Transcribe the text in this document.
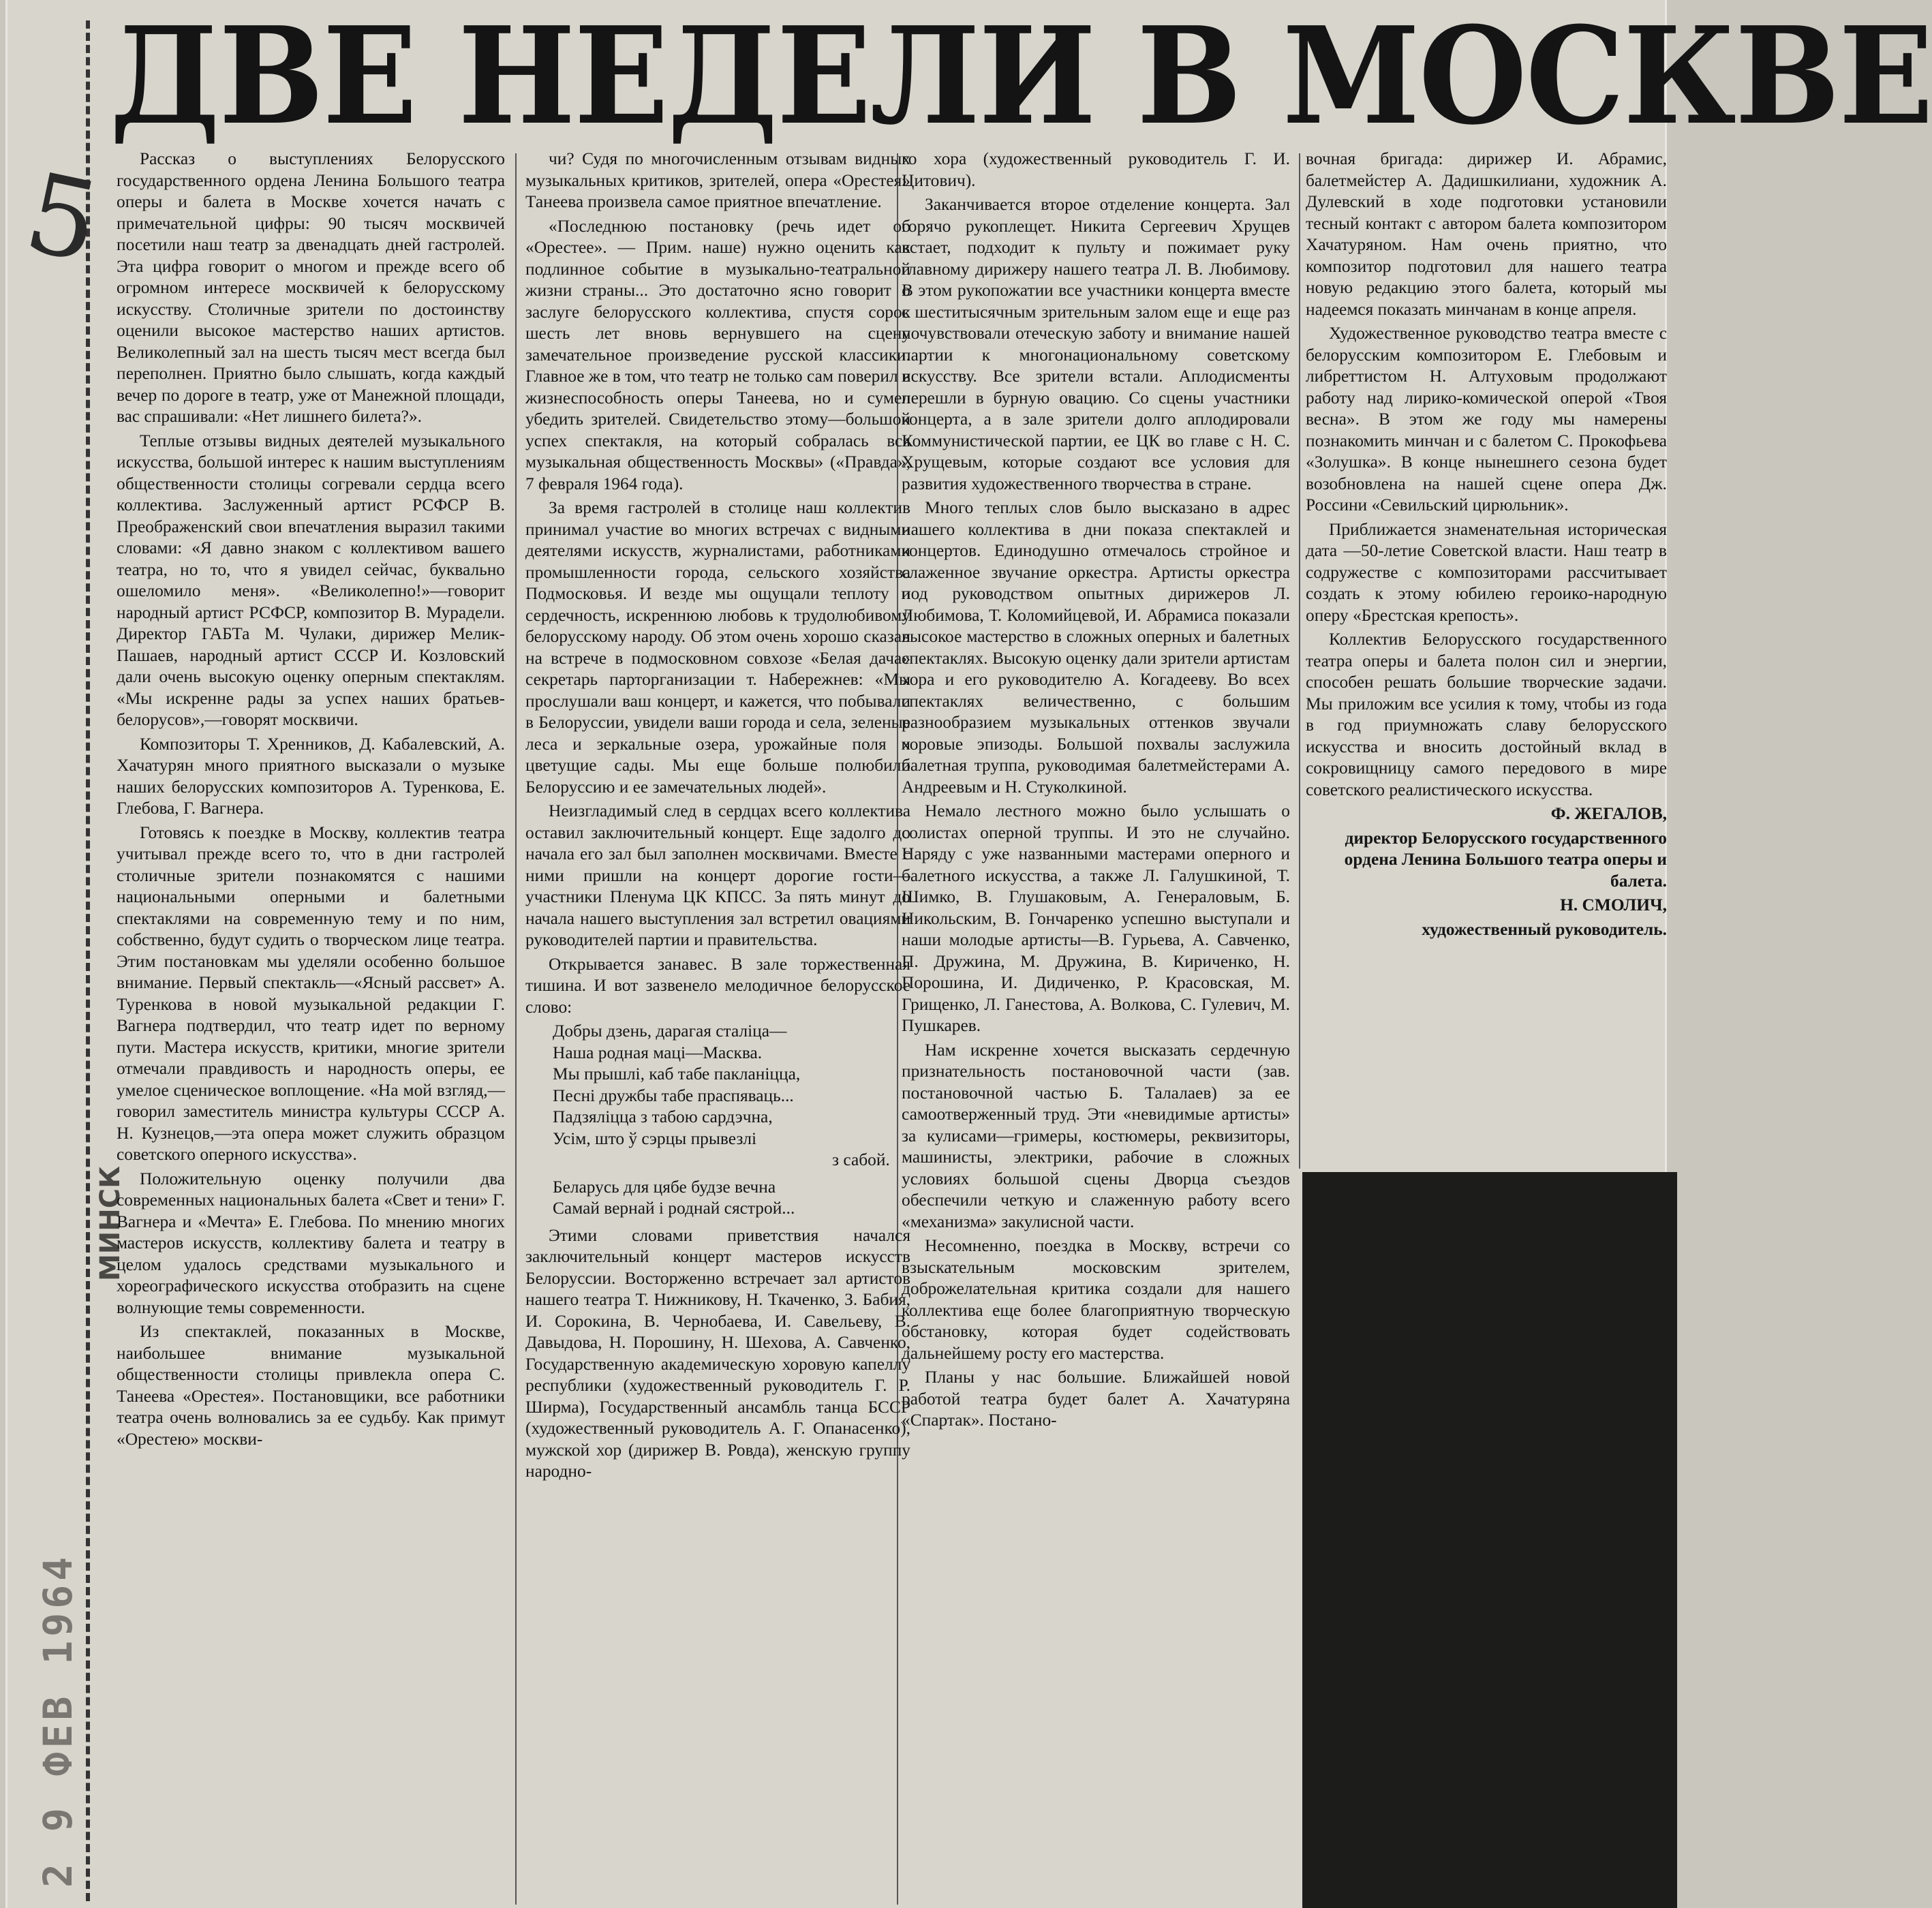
5
МИНСК
2 9 ФЕВ 1964
ДВЕ НЕДЕЛИ В МОСКВЕ

Рассказ о выступлениях Белорусского государственного ордена Ленина Большого театра оперы и балета в Москве хочется начать с примечательной цифры: 90 тысяч москвичей посетили наш театр за двенадцать дней гастролей. Эта цифра говорит о многом и прежде всего об огромном интересе москвичей к белорусскому искусству. Столичные зрители по достоинству оценили высокое мастерство наших артистов. Великолепный зал на шесть тысяч мест всегда был переполнен. Приятно было слышать, когда каждый вечер по дороге в театр, уже от Манежной площади, вас спрашивали: «Нет лишнего билета?».

Теплые отзывы видных деятелей музыкального искусства, большой интерес к нашим выступлениям общественности столицы согревали сердца всего коллектива. Заслуженный артист РСФСР В. Преображенский свои впечатления выразил такими словами: «Я давно знаком с коллективом вашего театра, но то, что я увидел сейчас, буквально ошеломило меня». «Великолепно!»—говорит народный артист РСФСР, композитор В. Мурадели. Директор ГАБТа М. Чулаки, дирижер Мелик-Пашаев, народный артист СССР И. Козловский дали очень высокую оценку оперным спектаклям. «Мы искренне рады за успех наших братьев-белорусов»,—говорят москвичи.

Композиторы Т. Хренников, Д. Кабалевский, А. Хачатурян много приятного высказали о музыке наших белорусских композиторов А. Туренкова, Е. Глебова, Г. Вагнера.

Готовясь к поездке в Москву, коллектив театра учитывал прежде всего то, что в дни гастролей столичные зрители познакомятся с нашими национальными оперными и балетными спектаклями на современную тему и по ним, собственно, будут судить о творческом лице театра. Этим постановкам мы уделяли особенно большое внимание. Первый спектакль—«Ясный рассвет» А. Туренкова в новой музыкальной редакции Г. Вагнера подтвердил, что театр идет по верному пути. Мастера искусств, критики, многие зрители отмечали правдивость и народность оперы, ее умелое сценическое воплощение. «На мой взгляд,—говорил заместитель министра культуры СССР А. Н. Кузнецов,—эта опера может служить образцом советского оперного искусства».

Положительную оценку получили два современных национальных балета «Свет и тени» Г. Вагнера и «Мечта» Е. Глебова. По мнению многих мастеров искусств, коллективу балета и театру в целом удалось средствами музыкального и хореографического искусства отобразить на сцене волнующие темы современности.

Из спектаклей, показанных в Москве, наибольшее внимание музыкальной общественности столицы привлекла опера С. Танеева «Орестея». Постановщики, все работники театра очень волновались за ее судьбу. Как примут «Орестею» москви-

чи? Судя по многочисленным отзывам видных музыкальных критиков, зрителей, опера «Орестея» Танеева произвела самое приятное впечатление.

«Последнюю постановку (речь идет об «Орестее». — Прим. наше) нужно оценить как подлинное событие в музыкально-театральной жизни страны... Это достаточно ясно говорит о заслуге белорусского коллектива, спустя сорок шесть лет вновь вернувшего на сцену замечательное произведение русской классики. Главное же в том, что театр не только сам поверил в жизнеспособность оперы Танеева, но и сумел убедить зрителей. Свидетельство этому—большой успех спектакля, на который собралась вся музыкальная общественность Москвы» («Правда», 7 февраля 1964 года).

За время гастролей в столице наш коллектив принимал участие во многих встречах с видными деятелями искусств, журналистами, работниками промышленности города, сельского хозяйства Подмосковья. И везде мы ощущали теплоту и сердечность, искреннюю любовь к трудолюбивому белорусскому народу. Об этом очень хорошо сказал на встрече в подмосковном совхозе «Белая дача» секретарь парторганизации т. Набережнев: «Мы прослушали ваш концерт, и кажется, что побывали в Белоруссии, увидели ваши города и села, зеленые леса и зеркальные озера, урожайные поля и цветущие сады. Мы еще больше полюбили Белоруссию и ее замечательных людей».

Неизгладимый след в сердцах всего коллектива оставил заключительный концерт. Еще задолго до начала его зал был заполнен москвичами. Вместе с ними пришли на концерт дорогие гости—участники Пленума ЦК КПСС. За пять минут до начала нашего выступления зал встретил овациями руководителей партии и правительства.

Открывается занавес. В зале торжественная тишина. И вот зазвенело мелодичное белорусское слово:

Добры дзень, дарагая сталіца—
Наша родная маці—Масква.
Мы прышлі, каб табе пакланіцца,
Песні дружбы табе праспяваць...
Падзяліцца з табою сардэчна,
Усім, што ў сэрцы прывезлі
з сабой.
Беларусь для цябе будзе вечна
Самай вернай і роднай сястрой...

Этими словами приветствия начался заключительный концерт мастеров искусств Белоруссии. Восторженно встречает зал артистов нашего театра Т. Нижникову, Н. Ткаченко, З. Бабия, И. Сорокина, В. Чернобаева, И. Савельеву, В. Давыдова, Н. Порошину, Н. Шехова, А. Савченко, Государственную академическую хоровую капеллу республики (художественный руководитель Г. Р. Ширма), Государственный ансамбль танца БССР (художественный руководитель А. Г. Опанасенко), мужской хор (дирижер В. Ровда), женскую группу народно-

го хора (художественный руководитель Г. И. Цитович).

Заканчивается второе отделение концерта. Зал горячо рукоплещет. Никита Сергеевич Хрущев встает, подходит к пульту и пожимает руку главному дирижеру нашего театра Л. В. Любимову. В этом рукопожатии все участники концерта вместе с шеститысячным зрительным залом еще и еще раз почувствовали отеческую заботу и внимание нашей партии к многонациональному советскому искусству. Все зрители встали. Аплодисменты перешли в бурную овацию. Со сцены участники концерта, а в зале зрители долго аплодировали Коммунистической партии, ее ЦК во главе с Н. С. Хрущевым, которые создают все условия для развития художественного творчества в стране.

Много теплых слов было высказано в адрес нашего коллектива в дни показа спектаклей и концертов. Единодушно отмечалось стройное и слаженное звучание оркестра. Артисты оркестра под руководством опытных дирижеров Л. Любимова, Т. Коломийцевой, И. Абрамиса показали высокое мастерство в сложных оперных и балетных спектаклях. Высокую оценку дали зрители артистам хора и его руководителю А. Когадееву. Во всех спектаклях величественно, с большим разнообразием музыкальных оттенков звучали хоровые эпизоды. Большой похвалы заслужила балетная труппа, руководимая балетмейстерами А. Андреевым и Н. Стуколкиной.

Немало лестного можно было услышать о солистах оперной труппы. И это не случайно. Наряду с уже названными мастерами оперного и балетного искусства, а также Л. Галушкиной, Т. Шимко, В. Глушаковым, А. Генераловым, Б. Никольским, В. Гончаренко успешно выступали и наши молодые артисты—В. Гурьева, А. Савченко, П. Дружина, М. Дружина, В. Кириченко, Н. Порошина, И. Дидиченко, Р. Красовская, М. Грищенко, Л. Ганестова, А. Волкова, С. Гулевич, М. Пушкарев.

Нам искренне хочется высказать сердечную признательность постановочной части (зав. постановочной частью Б. Талалаев) за ее самоотверженный труд. Эти «невидимые артисты» за кулисами—гримеры, костюмеры, реквизиторы, машинисты, электрики, рабочие в сложных условиях большой сцены Дворца съездов обеспечили четкую и слаженную работу всего «механизма» закулисной части.

Несомненно, поездка в Москву, встречи со взыскательным московским зрителем, доброжелательная критика создали для нашего коллектива еще более благоприятную творческую обстановку, которая будет содействовать дальнейшему росту его мастерства.

Планы у нас большие. Ближайшей новой работой театра будет балет А. Хачатуряна «Спартак». Постано-

вочная бригада: дирижер И. Абрамис, балетмейстер А. Дадишкилиани, художник А. Дулевский в ходе подготовки установили тесный контакт с автором балета композитором Хачатуряном. Нам очень приятно, что композитор подготовил для нашего театра новую редакцию этого балета, который мы надеемся показать минчанам в конце апреля.

Художественное руководство театра вместе с белорусским композитором Е. Глебовым и либреттистом Н. Алтуховым продолжают работу над лирико-комической оперой «Твоя весна». В этом же году мы намерены познакомить минчан и с балетом С. Прокофьева «Золушка». В конце нынешнего сезона будет возобновлена на нашей сцене опера Дж. Россини «Севильский цирюльник».

Приближается знаменательная историческая дата —50-летие Советской власти. Наш театр в содружестве с композиторами рассчитывает создать к этому юбилею героико-народную оперу «Брестская крепость».

Коллектив Белорусского государственного театра оперы и балета полон сил и энергии, способен решать большие творческие задачи. Мы приложим все усилия к тому, чтобы из года в год приумножать славу белорусского искусства и вносить достойный вклад в сокровищницу самого передового в мире советского реалистического искусства.

Ф. ЖЕГАЛОВ,

директор Белорусского государственного ордена Ленина Большого театра оперы и балета.

Н. СМОЛИЧ,

художественный руководитель.
